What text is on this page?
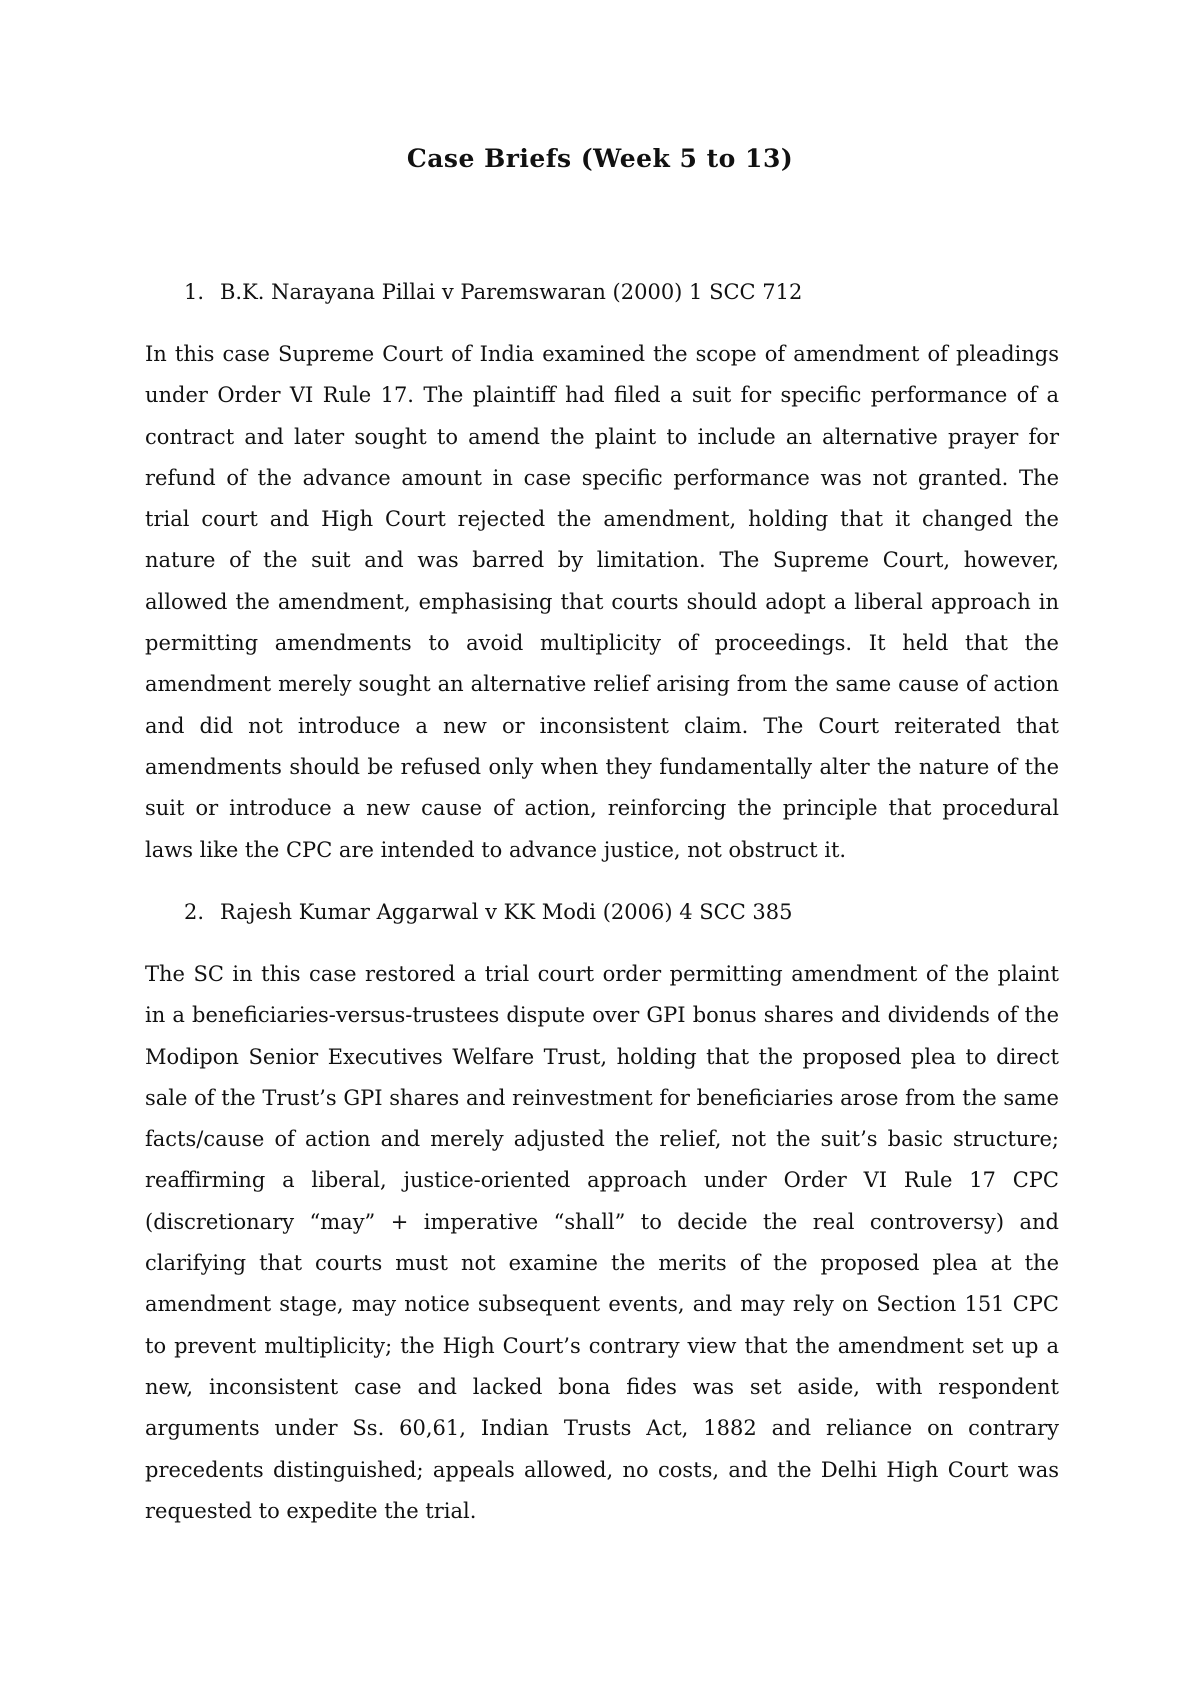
Case Briefs (Week 5 to 13)

1. B.K. Narayana Pillai v Paremswaran (2000) 1 SCC 712

In this case Supreme Court of India examined the scope of amendment of pleadings under Order VI Rule 17. The plaintiff had filed a suit for specific performance of a contract and later sought to amend the plaint to include an alternative prayer for refund of the advance amount in case specific performance was not granted. The trial court and High Court rejected the amendment, holding that it changed the nature of the suit and was barred by limitation. The Supreme Court, however, allowed the amendment, emphasising that courts should adopt a liberal approach in permitting amendments to avoid multiplicity of proceedings. It held that the amendment merely sought an alternative relief arising from the same cause of action and did not introduce a new or inconsistent claim. The Court reiterated that amendments should be refused only when they fundamentally alter the nature of the suit or introduce a new cause of action, reinforcing the principle that procedural laws like the CPC are intended to advance justice, not obstruct it.

2. Rajesh Kumar Aggarwal v KK Modi (2006) 4 SCC 385

The SC in this case restored a trial court order permitting amendment of the plaint in a beneficiaries-versus-trustees dispute over GPI bonus shares and dividends of the Modipon Senior Executives Welfare Trust, holding that the proposed plea to direct sale of the Trust’s GPI shares and reinvestment for beneficiaries arose from the same facts/cause of action and merely adjusted the relief, not the suit’s basic structure; reaffirming a liberal, justice-oriented approach under Order VI Rule 17 CPC (discretionary “may” + imperative “shall” to decide the real controversy) and clarifying that courts must not examine the merits of the proposed plea at the amendment stage, may notice subsequent events, and may rely on Section 151 CPC to prevent multiplicity; the High Court’s contrary view that the amendment set up a new, inconsistent case and lacked bona fides was set aside, with respondent arguments under Ss. 60,61, Indian Trusts Act, 1882 and reliance on contrary precedents distinguished; appeals allowed, no costs, and the Delhi High Court was requested to expedite the trial.
